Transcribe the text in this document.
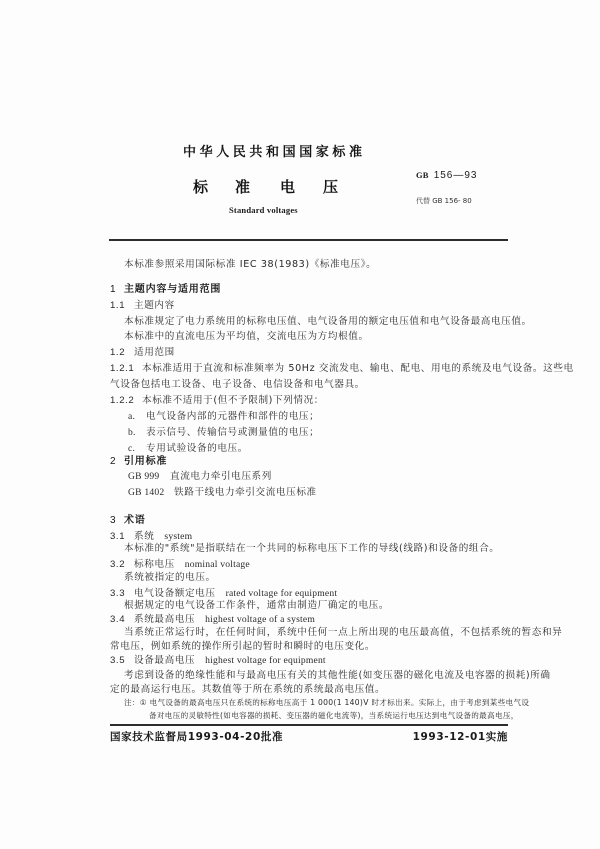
中华人民共和国国家标准
标 准 电 压
Standard voltages
GB 156—93
代替 GB 156- 80
本标准参照采用国际标准 IEC 38(1983)《标准电压》。
1 主题内容与适用范围
1.1 主题内容
本标准规定了电力系统用的标称电压值、电气设备用的额定电压值和电气设备最高电压值。
本标准中的直流电压为平均值，交流电压为方均根值。
1.2 适用范围
1.2.1 本标准适用于直流和标准频率为 50Hz 交流发电、输电、配电、用电的系统及电气设备。这些电
气设备包括电工设备、电子设备、电信设备和电气器具。
1.2.2 本标准不适用于(但不予限制)下列情况：
a. 电气设备内部的元器件和部件的电压；
b. 表示信号、传输信号或测量值的电压；
c. 专用试验设备的电压。
2 引用标准
GB 999 直流电力牵引电压系列
GB 1402 铁路干线电力牵引交流电压标准
3 术语
3.1 系统 system
本标准的"系统"是指联结在一个共同的标称电压下工作的导线(线路)和设备的组合。
3.2 标称电压 nominal voltage
系统被指定的电压。
3.3 电气设备额定电压 rated voltage for equipment
根据规定的电气设备工作条件，通常由制造厂确定的电压。
3.4 系统最高电压 highest voltage of a system
当系统正常运行时，在任何时间，系统中任何一点上所出现的电压最高值，不包括系统的暂态和异
常电压，例如系统的操作所引起的暂时和瞬时的电压变化。
3.5 设备最高电压 highest voltage for equipment
考虑到设备的绝缘性能和与最高电压有关的其他性能(如变压器的磁化电流及电容器的损耗)所确
定的最高运行电压。其数值等于所在系统的系统最高电压值。
注：① 电气设备的最高电压只在系统的标称电压高于 1 000(1 140)V 时才标出来。实际上，由于考虑到某些电气设
备对电压的灵敏特性(如电容器的损耗、变压器的磁化电流等)，当系统运行电压达到电气设备的最高电压，
国家技术监督局1993-04-20批准	1993-12-01实施
